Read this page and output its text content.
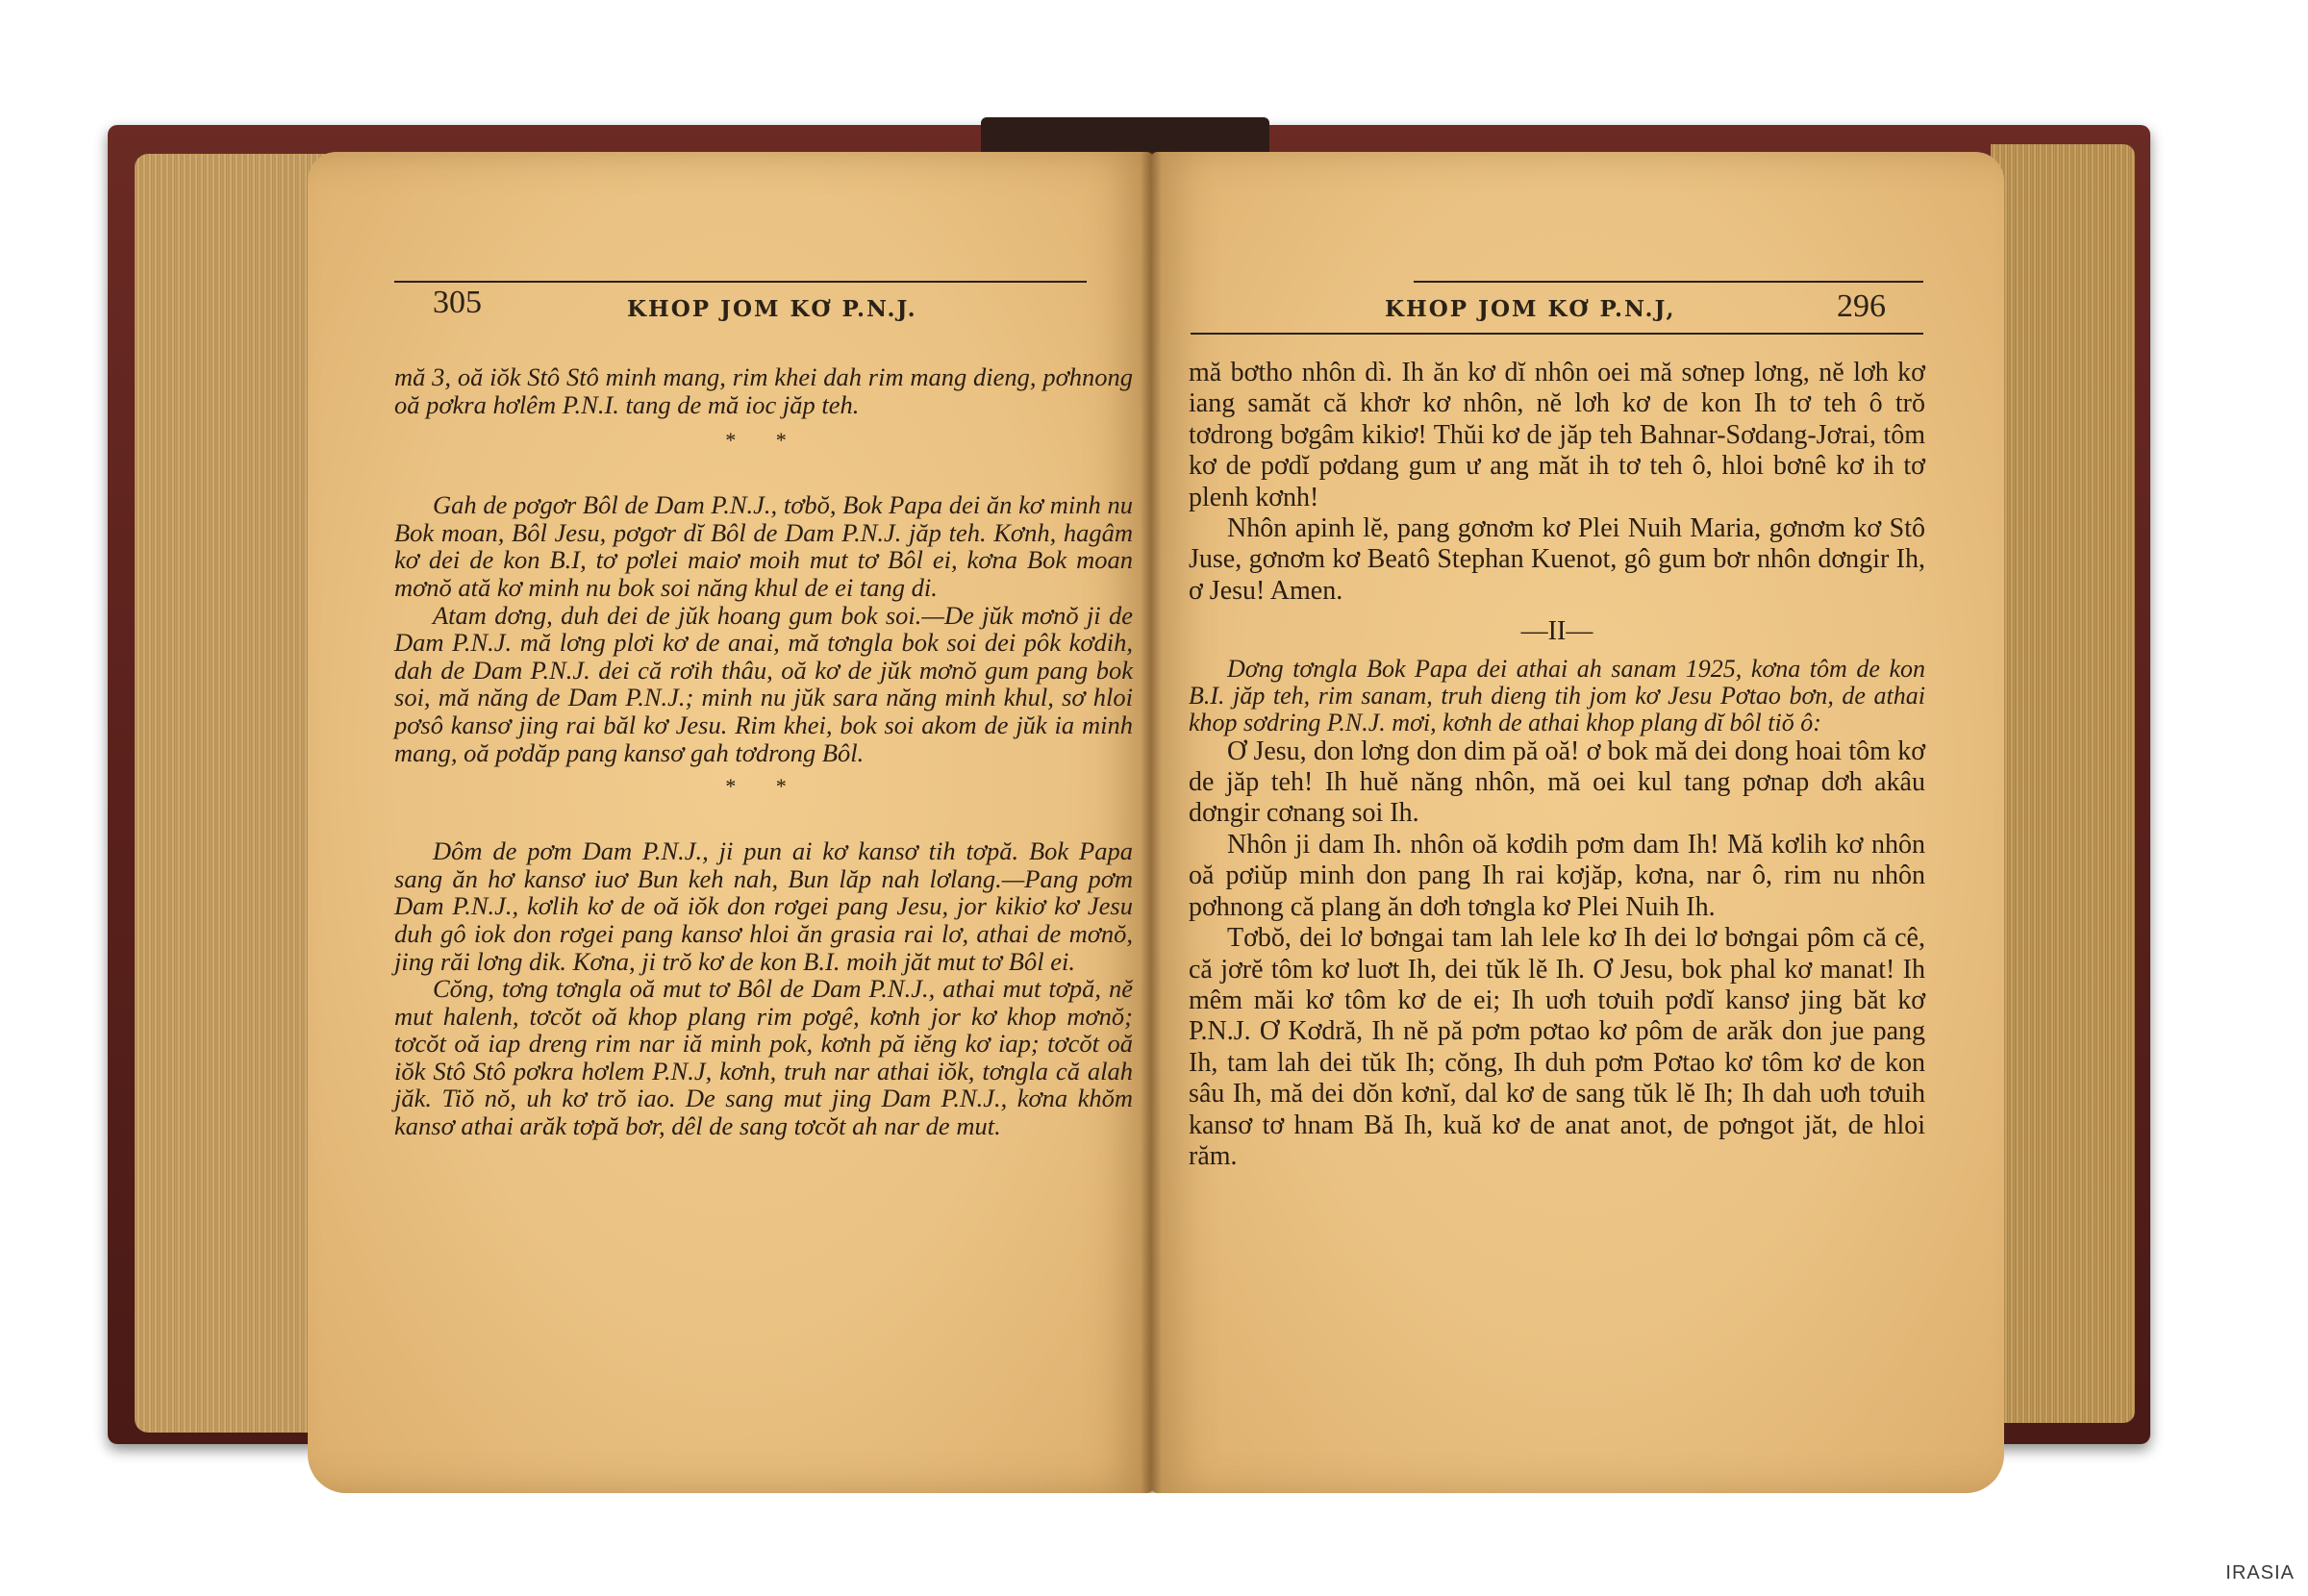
305	KHOP JOM KƠ P.N.J.

mă 3, oă iŏk Stô Stô minh mang, rim khei dah rim mang dieng, pơhnong oă pơkra hơlêm P.N.I. tang de mă ioc jăp teh.

* *

Gah de pơgơr Bôl de Dam P.N.J., tơbŏ, Bok Papa dei ăn kơ minh nu Bok moan, Bôl Jesu, pơgơr dĭ Bôl de Dam P.N.J. jăp teh. Kơnh, hagâm kơ dei de kon B.I, tơ pơlei maiơ moih mut tơ Bôl ei, kơna Bok moan mơnŏ ată kơ minh nu bok soi năng khul de ei tang di.

Atam dơng, duh dei de jŭk hoang gum bok soi.—De jŭk mơnŏ ji de Dam P.N.J. mă lơng plơi kơ de anai, mă tơngla bok soi dei pôk kơdih, dah de Dam P.N.J. dei că rơih thâu, oă kơ de jŭk mơnŏ gum pang bok soi, mă năng de Dam P.N.J.; minh nu jŭk sara năng minh khul, sơ hloi pơsô kansơ jing rai băl kơ Jesu. Rim khei, bok soi akom de jŭk ia minh mang, oă pơdăp pang kansơ gah tơdrong Bôl.

* *

Dôm de pơm Dam P.N.J., ji pun ai kơ kansơ tih tơpă. Bok Papa sang ăn hơ kansơ iuơ Bun keh nah, Bun lăp nah lơlang.—Pang pơm Dam P.N.J., kơlih kơ de oă iŏk don rơgei pang Jesu, jor kikiơ kơ Jesu duh gô iok don rơgei pang kansơ hloi ăn grasia rai lơ, athai de mơnŏ, jing răi lơng dik. Kơna, ji trŏ kơ de kon B.I. moih jăt mut tơ Bôl ei.

Cŏng, tơng tơngla oă mut tơ Bôl de Dam P.N.J., athai mut tơpă, nĕ mut halenh, tơcŏt oă khop plang rim pơgê, kơnh jor kơ khop mơnŏ; tơcŏt oă iap dreng rim nar iă minh pok, kơnh pă iĕng kơ iap; tơcŏt oă iŏk Stô Stô pơkra hơlem P.N.J, kơnh, truh nar athai iŏk, tơngla că alah jăk. Tiŏ nŏ, uh kơ trŏ iao. De sang mut jing Dam P.N.J., kơna khŏm kansơ athai arăk tơpă bơr, dêl de sang tơcŏt ah nar de mut.

KHOP JOM KƠ P.N.J,	296

mă bơtho nhôn dì. Ih ăn kơ dĭ nhôn oei mă sơnep lơng, nĕ lơh kơ iang samăt că khơr kơ nhôn, nĕ lơh kơ de kon Ih tơ teh ô trŏ tơdrong bơgâm kikiơ! Thŭi kơ de jăp teh Bahnar-Sơdang-Jơrai, tôm kơ de pơdĭ pơdang gum ư ang măt ih tơ teh ô, hloi bơnê kơ ih tơ plenh kơnh!

Nhôn apinh lĕ, pang gơnơm kơ Plei Nuih Maria, gơnơm kơ Stô Juse, gơnơm kơ Beatô Stephan Kuenot, gô gum bơr nhôn dơngir Ih, ơ Jesu! Amen.

—II—

Dơng tơngla Bok Papa dei athai ah sanam 1925, kơna tôm de kon B.I. jăp teh, rim sanam, truh dieng tih jom kơ Jesu Pơtao bơn, de athai khop sơdring P.N.J. mơi, kơnh de athai khop plang dĭ bôl tiŏ ô:

Ơ Jesu, don lơng don dim pă oă! ơ bok mă dei dong hoai tôm kơ de jăp teh! Ih huĕ năng nhôn, mă oei kul tang pơnap dơh akâu dơngir cơnang soi Ih.

Nhôn ji dam Ih. nhôn oă kơdih pơm dam Ih! Mă kơlih kơ nhôn oă pơiŭp minh don pang Ih rai kơjăp, kơna, nar ô, rim nu nhôn pơhnong că plang ăn dơh tơngla kơ Plei Nuih Ih.

Tơbŏ, dei lơ bơngai tam lah lele kơ Ih dei lơ bơngai pôm că cê, că jơrĕ tôm kơ luơt Ih, dei tŭk lĕ Ih. Ơ Jesu, bok phal kơ manat! Ih mêm măi kơ tôm kơ de ei; Ih uơh tơuih pơdĭ kansơ jing băt kơ P.N.J. Ơ Kơdră, Ih nĕ pă pơm pơtao kơ pôm de arăk don jue pang Ih, tam lah dei tŭk Ih; cŏng, Ih duh pơm Pơtao kơ tôm kơ de kon sâu Ih, mă dei dŏn kơnĭ, dal kơ de sang tŭk lĕ Ih; Ih dah uơh tơuih kansơ tơ hnam Bă Ih, kuă kơ de anat anot, de pơngot jăt, de hloi răm.

IRASIA
